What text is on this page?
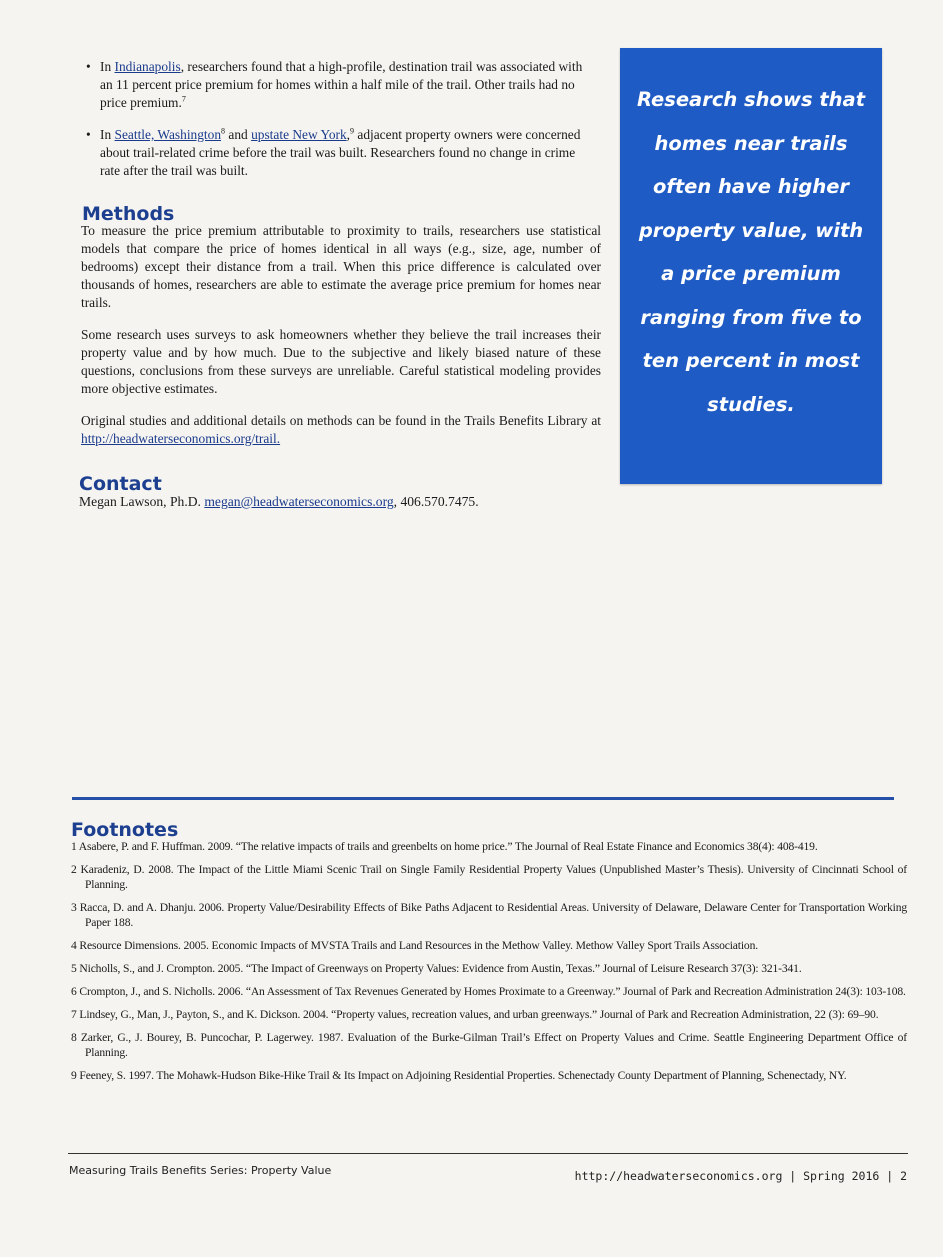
• In Indianapolis, researchers found that a high-profile, destination trail was associated with an 11 percent price premium for homes within a half mile of the trail. Other trails had no price premium.$^7$
• In Seattle, Washington$^8$ and upstate New York,$^9$ adjacent property owners were concerned about trail-related crime before the trail was built. Researchers found no change in crime rate after the trail was built.
Methods

To measure the price premium attributable to proximity to trails, researchers use statistical models that compare the price of homes identical in all ways (e.g., size, age, number of bedrooms) except their distance from a trail. When this price difference is calculated over thousands of homes, researchers are able to estimate the average price premium for homes near trails.

Some research uses surveys to ask homeowners whether they believe the trail increases their property value and by how much. Due to the subjective and likely biased nature of these questions, conclusions from these surveys are unreliable. Careful statistical modeling provides more objective estimates.

Original studies and additional details on methods can be found in the Trails Benefits Library at http://headwaterseconomics.org/trail.

Contact

Megan Lawson, Ph.D. megan@headwaterseconomics.org, 406.570.7475.

Research shows that homes near trails often have higher property value, with a price premium ranging from five to ten percent in most studies.

Footnotes
1 Asabere, P. and F. Huffman. 2009. “The relative impacts of trails and greenbelts on home price.” The Journal of Real Estate Finance and Economics 38(4): 408-419.
2 Karadeniz, D. 2008. The Impact of the Little Miami Scenic Trail on Single Family Residential Property Values (Unpublished Master’s Thesis). University of Cincinnati School of Planning.
3 Racca, D. and A. Dhanju. 2006. Property Value/Desirability Effects of Bike Paths Adjacent to Residential Areas. University of Delaware, Delaware Center for Transportation Working Paper 188.
4 Resource Dimensions. 2005. Economic Impacts of MVSTA Trails and Land Resources in the Methow Valley. Methow Valley Sport Trails Association.
5 Nicholls, S., and J. Crompton. 2005. “The Impact of Greenways on Property Values: Evidence from Austin, Texas.” Journal of Leisure Research 37(3): 321-341.
6 Crompton, J., and S. Nicholls. 2006. “An Assessment of Tax Revenues Generated by Homes Proximate to a Greenway.” Journal of Park and Recreation Administration 24(3): 103-108.
7 Lindsey, G., Man, J., Payton, S., and K. Dickson. 2004. “Property values, recreation values, and urban greenways.” Journal of Park and Recreation Administration, 22 (3): 69–90.
8 Zarker, G., J. Bourey, B. Puncochar, P. Lagerwey. 1987. Evaluation of the Burke-Gilman Trail’s Effect on Property Values and Crime. Seattle Engineering Department Office of Planning.
9 Feeney, S. 1997. The Mohawk-Hudson Bike-Hike Trail & Its Impact on Adjoining Residential Properties. Schenectady County Department of Planning, Schenectady, NY.
Measuring Trails Benefits Series: Property Value	http://headwaterseconomics.org | Spring 2016 | 2
